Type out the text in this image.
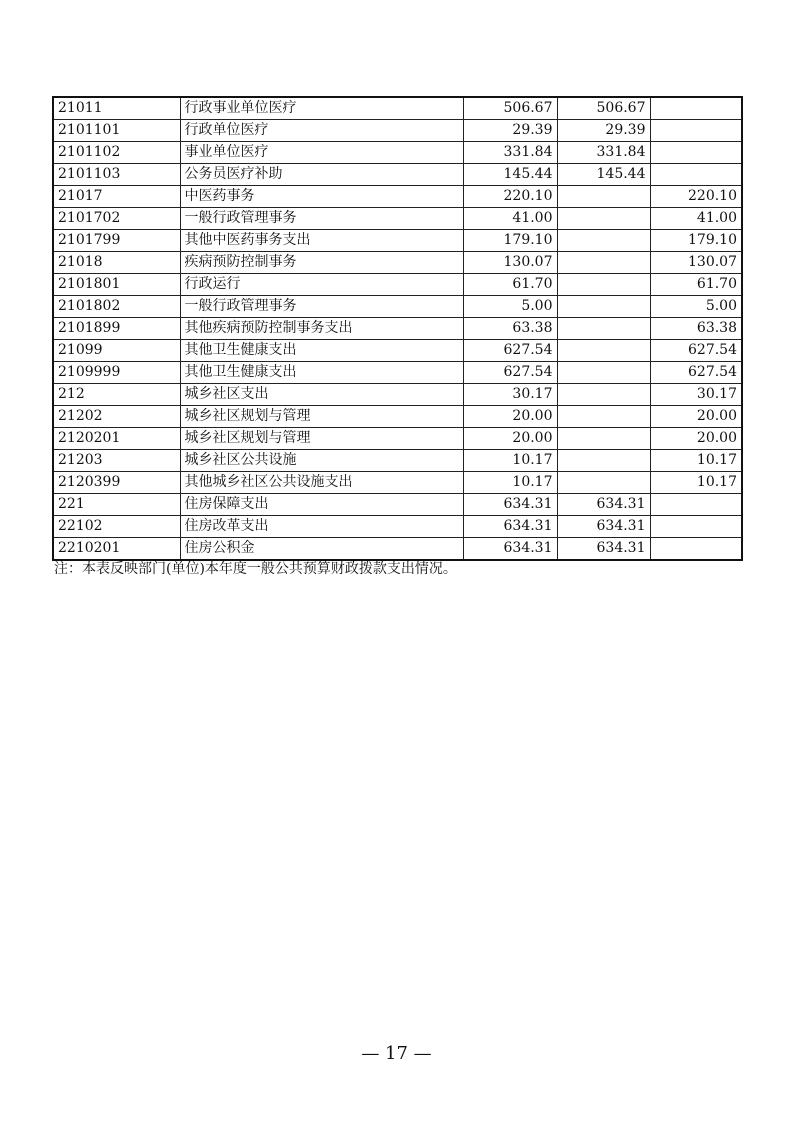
21011	行政事业单位医疗	506.67	506.67	
2101101	行政单位医疗	29.39	29.39	
2101102	事业单位医疗	331.84	331.84	
2101103	公务员医疗补助	145.44	145.44	
21017	中医药事务	220.10		220.10
2101702	一般行政管理事务	41.00		41.00
2101799	其他中医药事务支出	179.10		179.10
21018	疾病预防控制事务	130.07		130.07
2101801	行政运行	61.70		61.70
2101802	一般行政管理事务	5.00		5.00
2101899	其他疾病预防控制事务支出	63.38		63.38
21099	其他卫生健康支出	627.54		627.54
2109999	其他卫生健康支出	627.54		627.54
212	城乡社区支出	30.17		30.17
21202	城乡社区规划与管理	20.00		20.00
2120201	城乡社区规划与管理	20.00		20.00
21203	城乡社区公共设施	10.17		10.17
2120399	其他城乡社区公共设施支出	10.17		10.17
221	住房保障支出	634.31	634.31	
22102	住房改革支出	634.31	634.31	
2210201	住房公积金	634.31	634.31	
注：本表反映部门(单位)本年度一般公共预算财政拨款支出情况。
— 17 —
